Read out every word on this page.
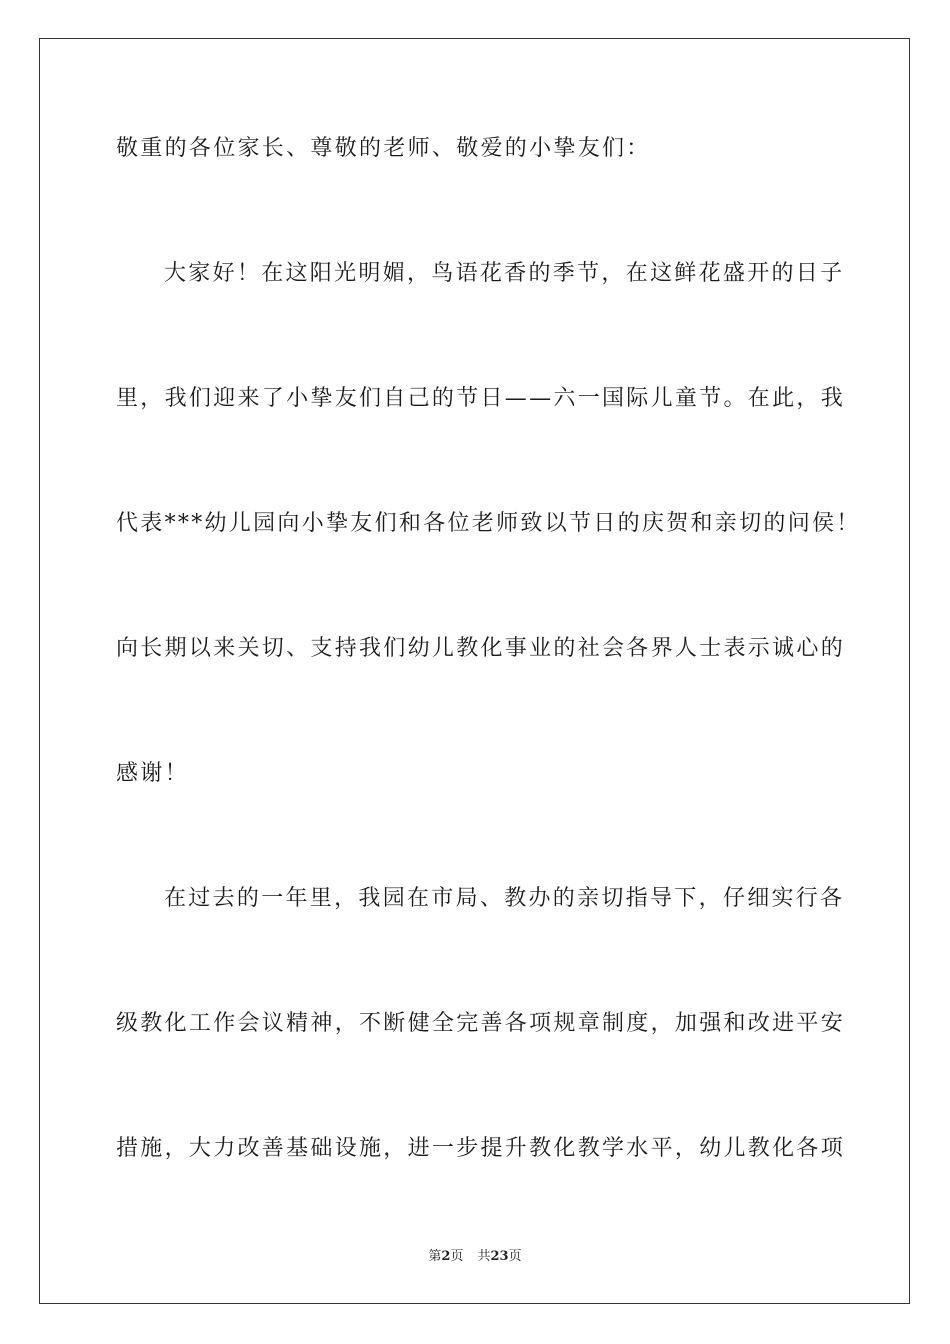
敬重的各位家长、尊敬的老师、敬爱的小挚友们：
大家好！在这阳光明媚，鸟语花香的季节，在这鲜花盛开的日子
里，我们迎来了小挚友们自己的节日——六一国际儿童节。在此，我
代表***幼儿园向小挚友们和各位老师致以节日的庆贺和亲切的问侯！
向长期以来关切、支持我们幼儿教化事业的社会各界人士表示诚心的
感谢！
在过去的一年里，我园在市局、教办的亲切指导下，仔细实行各
级教化工作会议精神，不断健全完善各项规章制度，加强和改进平安
措施，大力改善基础设施，进一步提升教化教学水平，幼儿教化各项
第2页 共23页
